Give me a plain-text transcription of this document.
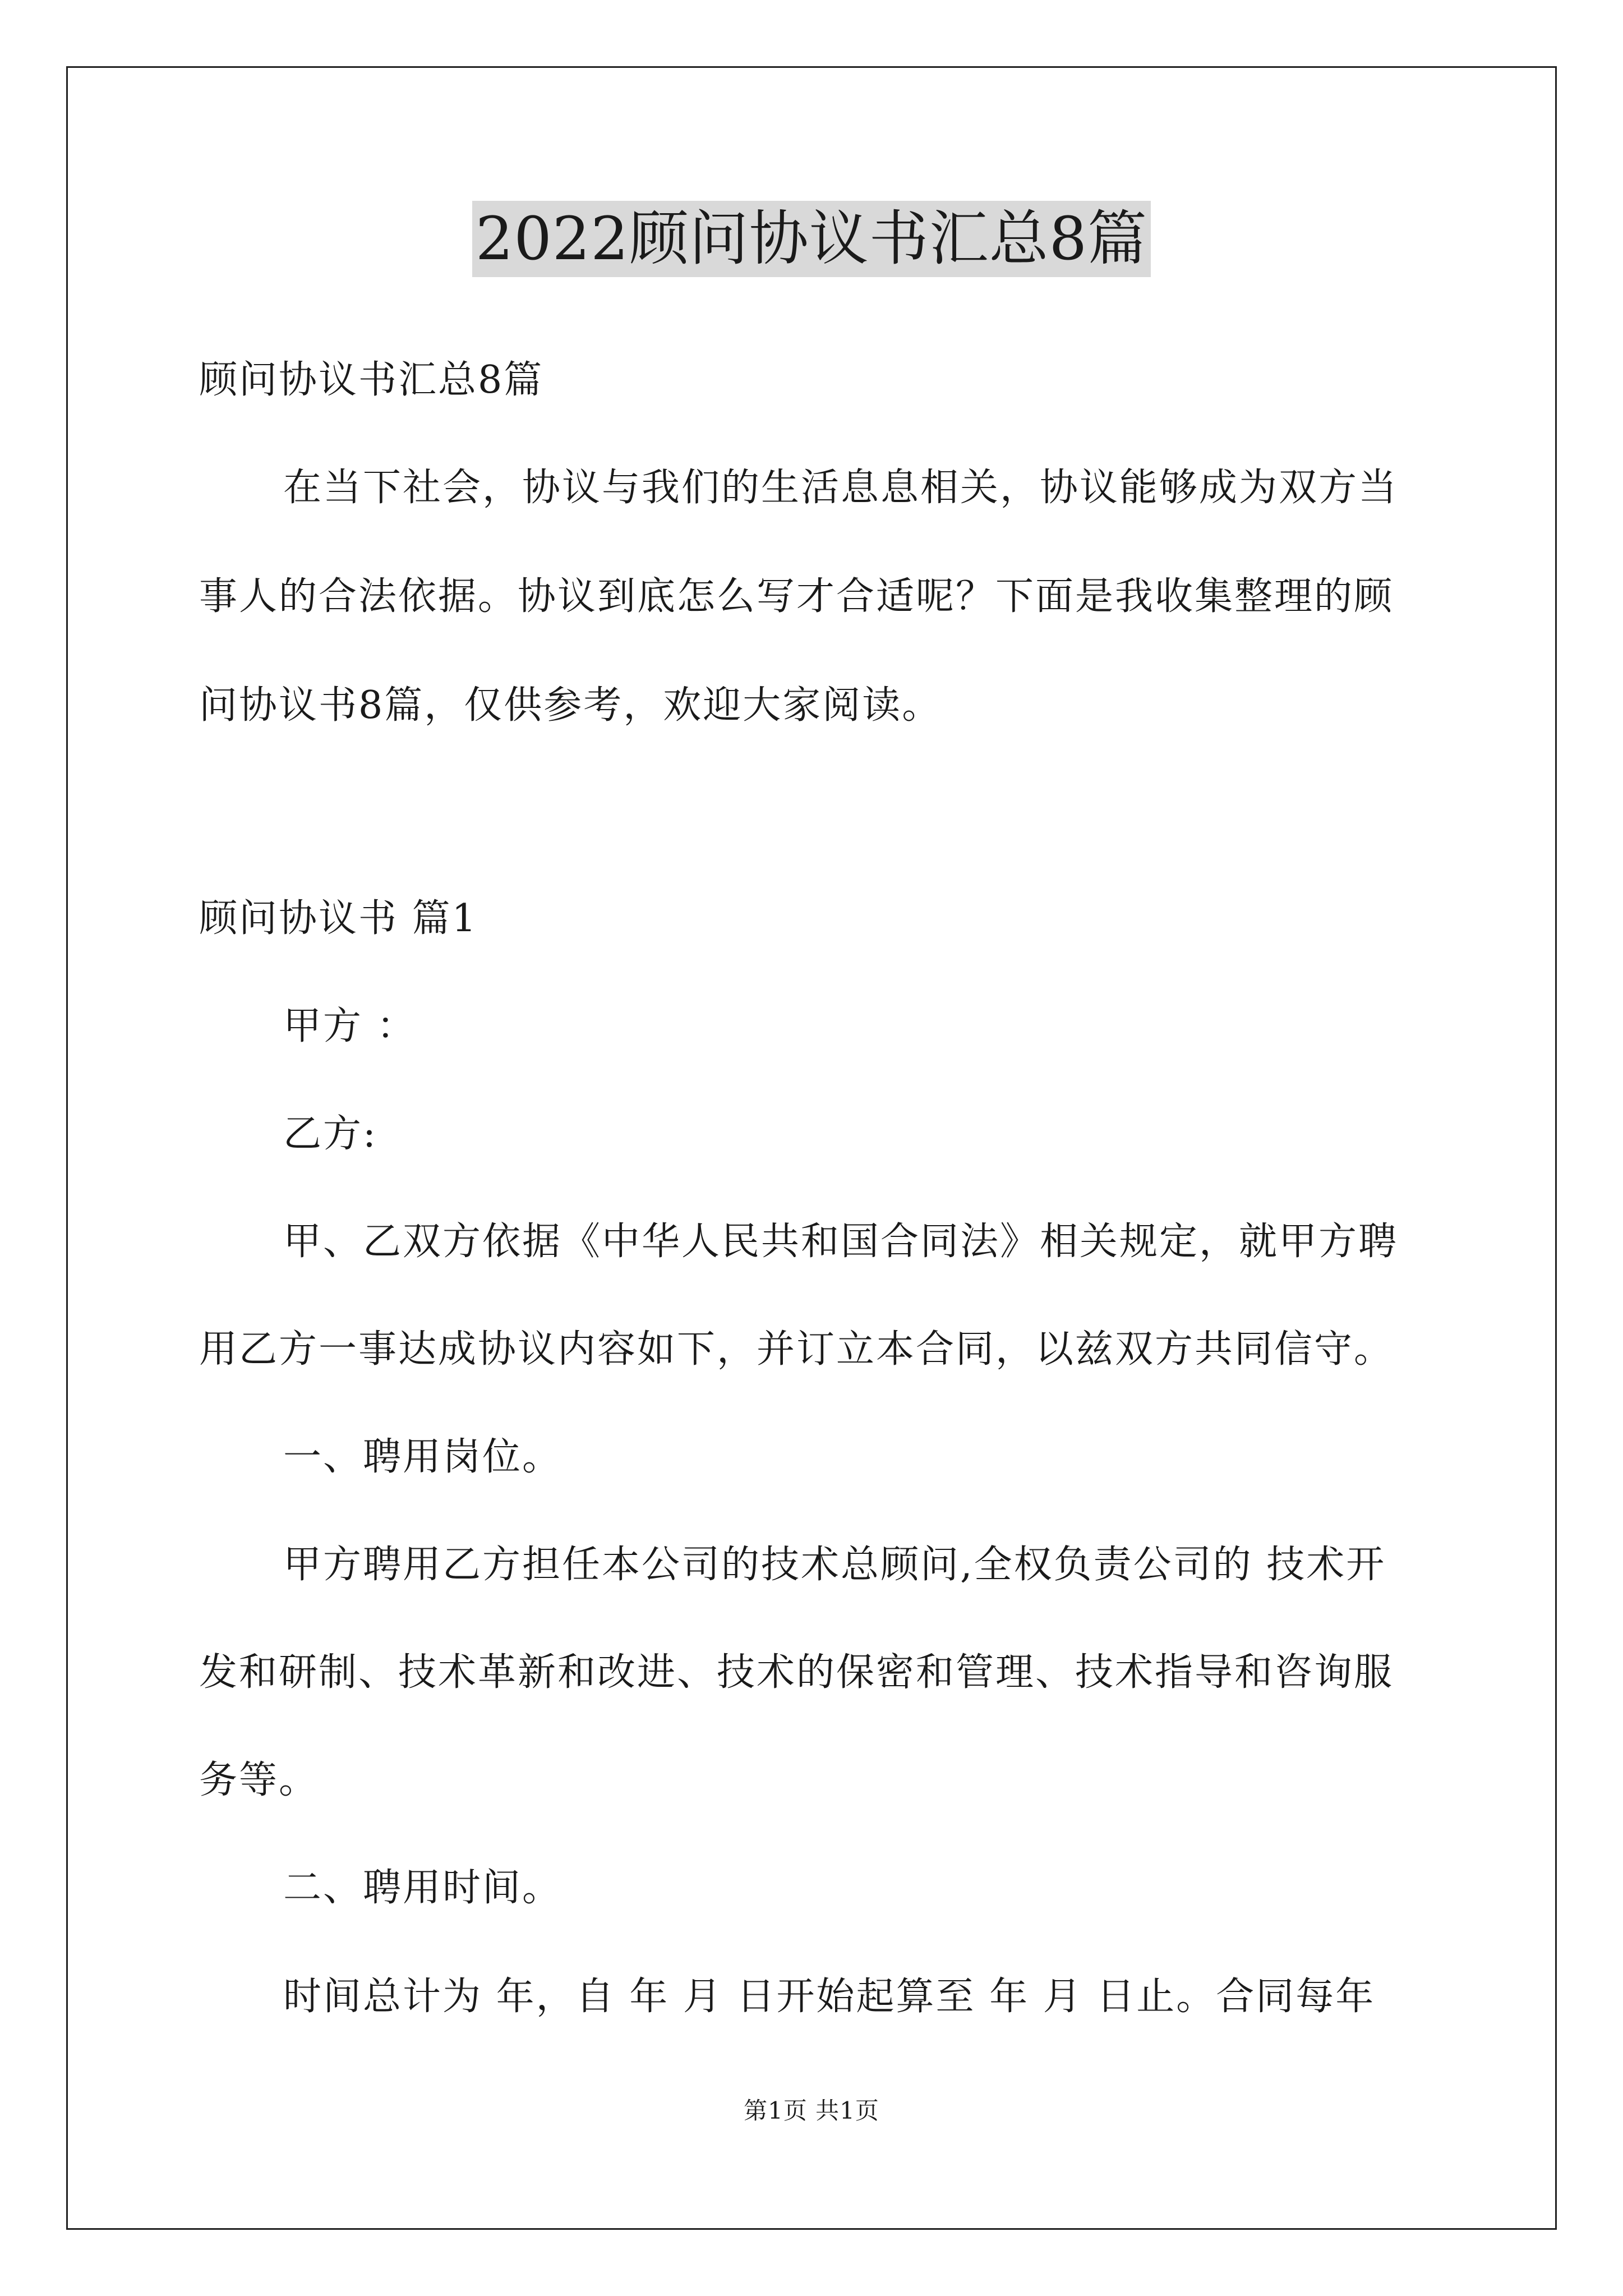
2022顾问协议书汇总8篇
顾问协议书汇总8篇
在当下社会，协议与我们的生活息息相关，协议能够成为双方当
事人的合法依据。协议到底怎么写才合适呢？下面是我收集整理的顾
问协议书8篇，仅供参考，欢迎大家阅读。
顾问协议书 篇1
甲方 ：
乙方:
甲、乙双方依据《中华人民共和国合同法》相关规定，就甲方聘
用乙方一事达成协议内容如下，并订立本合同，以兹双方共同信守。
一、聘用岗位。
甲方聘用乙方担任本公司的技术总顾问,全权负责公司的 技术开
发和研制、技术革新和改进、技术的保密和管理、技术指导和咨询服
务等。
二、聘用时间。
时间总计为 年，自 年 月 日开始起算至 年 月 日止。合同每年
第1页 共1页
